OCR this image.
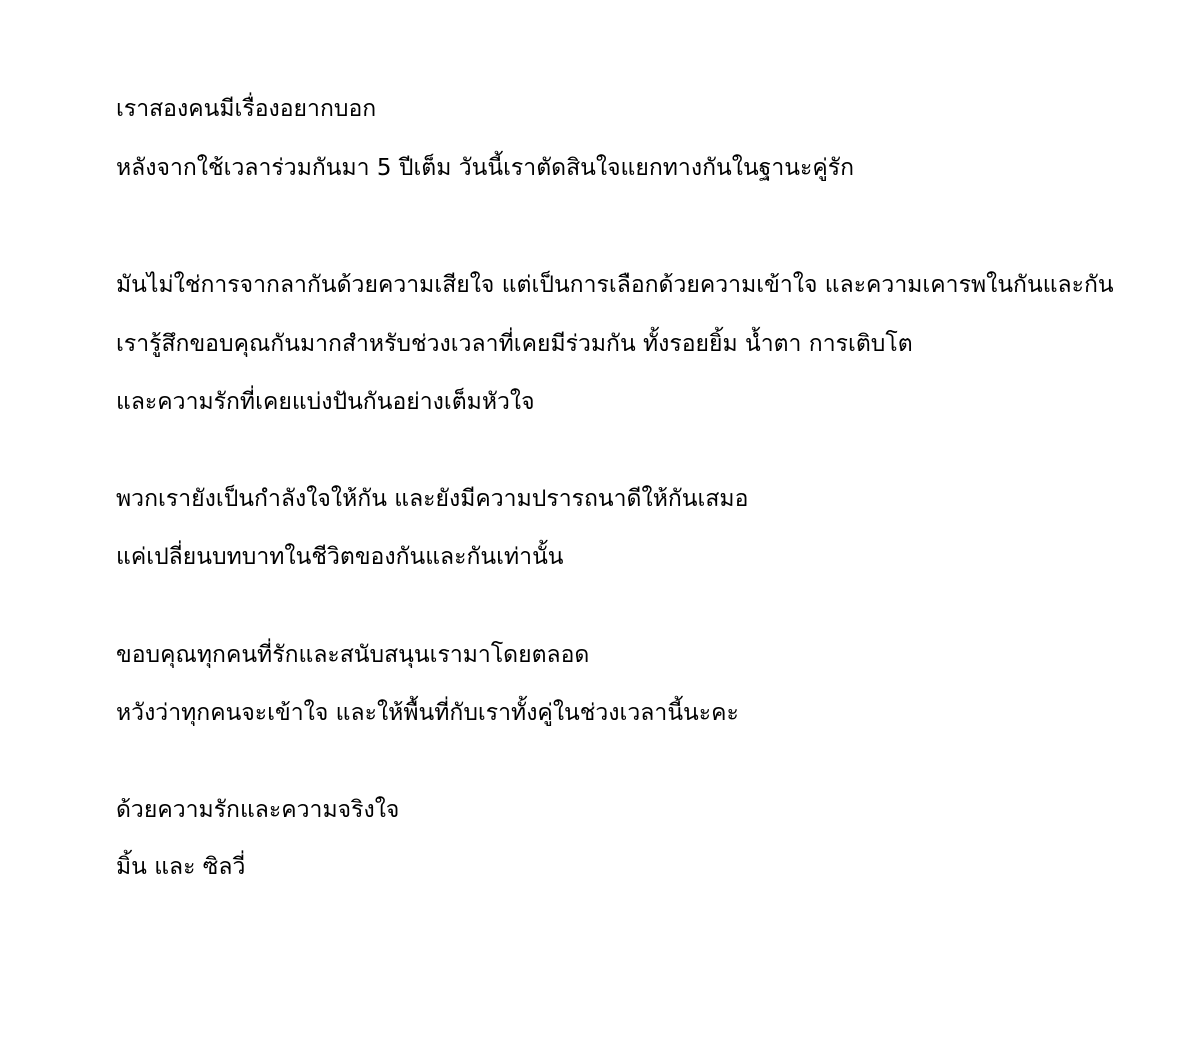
เราสองคนมีเรื่องอยากบอก
หลังจากใช้เวลาร่วมกันมา 5 ปีเต็ม วันนี้เราตัดสินใจแยกทางกันในฐานะคู่รัก
มันไม่ใช่การจากลากันด้วยความเสียใจ แต่เป็นการเลือกด้วยความเข้าใจ และความเคารพในกันและกัน
เรารู้สึกขอบคุณกันมากสำหรับช่วงเวลาที่เคยมีร่วมกัน ทั้งรอยยิ้ม น้ำตา การเติบโต
และความรักที่เคยแบ่งปันกันอย่างเต็มหัวใจ
พวกเรายังเป็นกำลังใจให้กัน และยังมีความปรารถนาดีให้กันเสมอ
แค่เปลี่ยนบทบาทในชีวิตของกันและกันเท่านั้น
ขอบคุณทุกคนที่รักและสนับสนุนเรามาโดยตลอด
หวังว่าทุกคนจะเข้าใจ และให้พื้นที่กับเราทั้งคู่ในช่วงเวลานี้นะคะ
ด้วยความรักและความจริงใจ
มิ้น และ ซิลวี่
